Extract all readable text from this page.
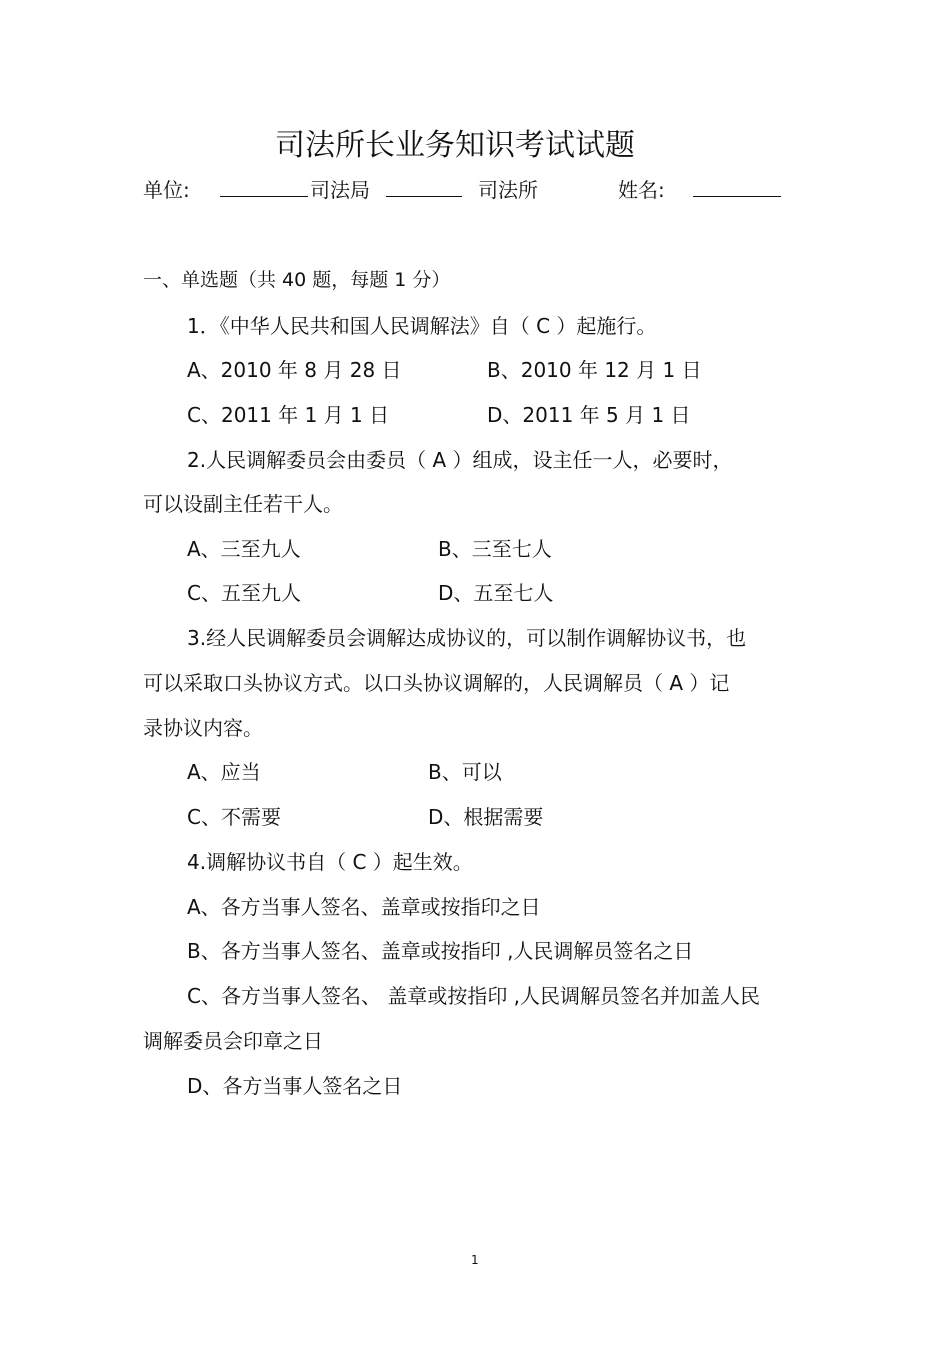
司法所长业务知识考试试题
单位:	司法局	司法所	姓名:
一、单选题（共 40 题，每题 1 分）
1．《中华人民共和国人民调解法》自（ C ）起施行。
A、2010 年 8 月 28 日	B、2010 年 12 月 1 日
C、2011 年 1 月 1 日	D、2011 年 5 月 1 日
2.人民调解委员会由委员（ A ）组成，设主任一人，必要时，
可以设副主任若干人。
A、三至九人	B、三至七人
C、五至九人	D、五至七人
3.经人民调解委员会调解达成协议的，可以制作调解协议书，也
可以采取口头协议方式。以口头协议调解的，人民调解员（ A ）记
录协议内容。
A、应当	B、可以
C、不需要	D、根据需要
4.调解协议书自（ C ）起生效。
A、各方当事人签名、盖章或按指印之日
B、各方当事人签名、盖章或按指印 ,人民调解员签名之日
C、各方当事人签名、 盖章或按指印 ,人民调解员签名并加盖人民
调解委员会印章之日
D、各方当事人签名之日
1
